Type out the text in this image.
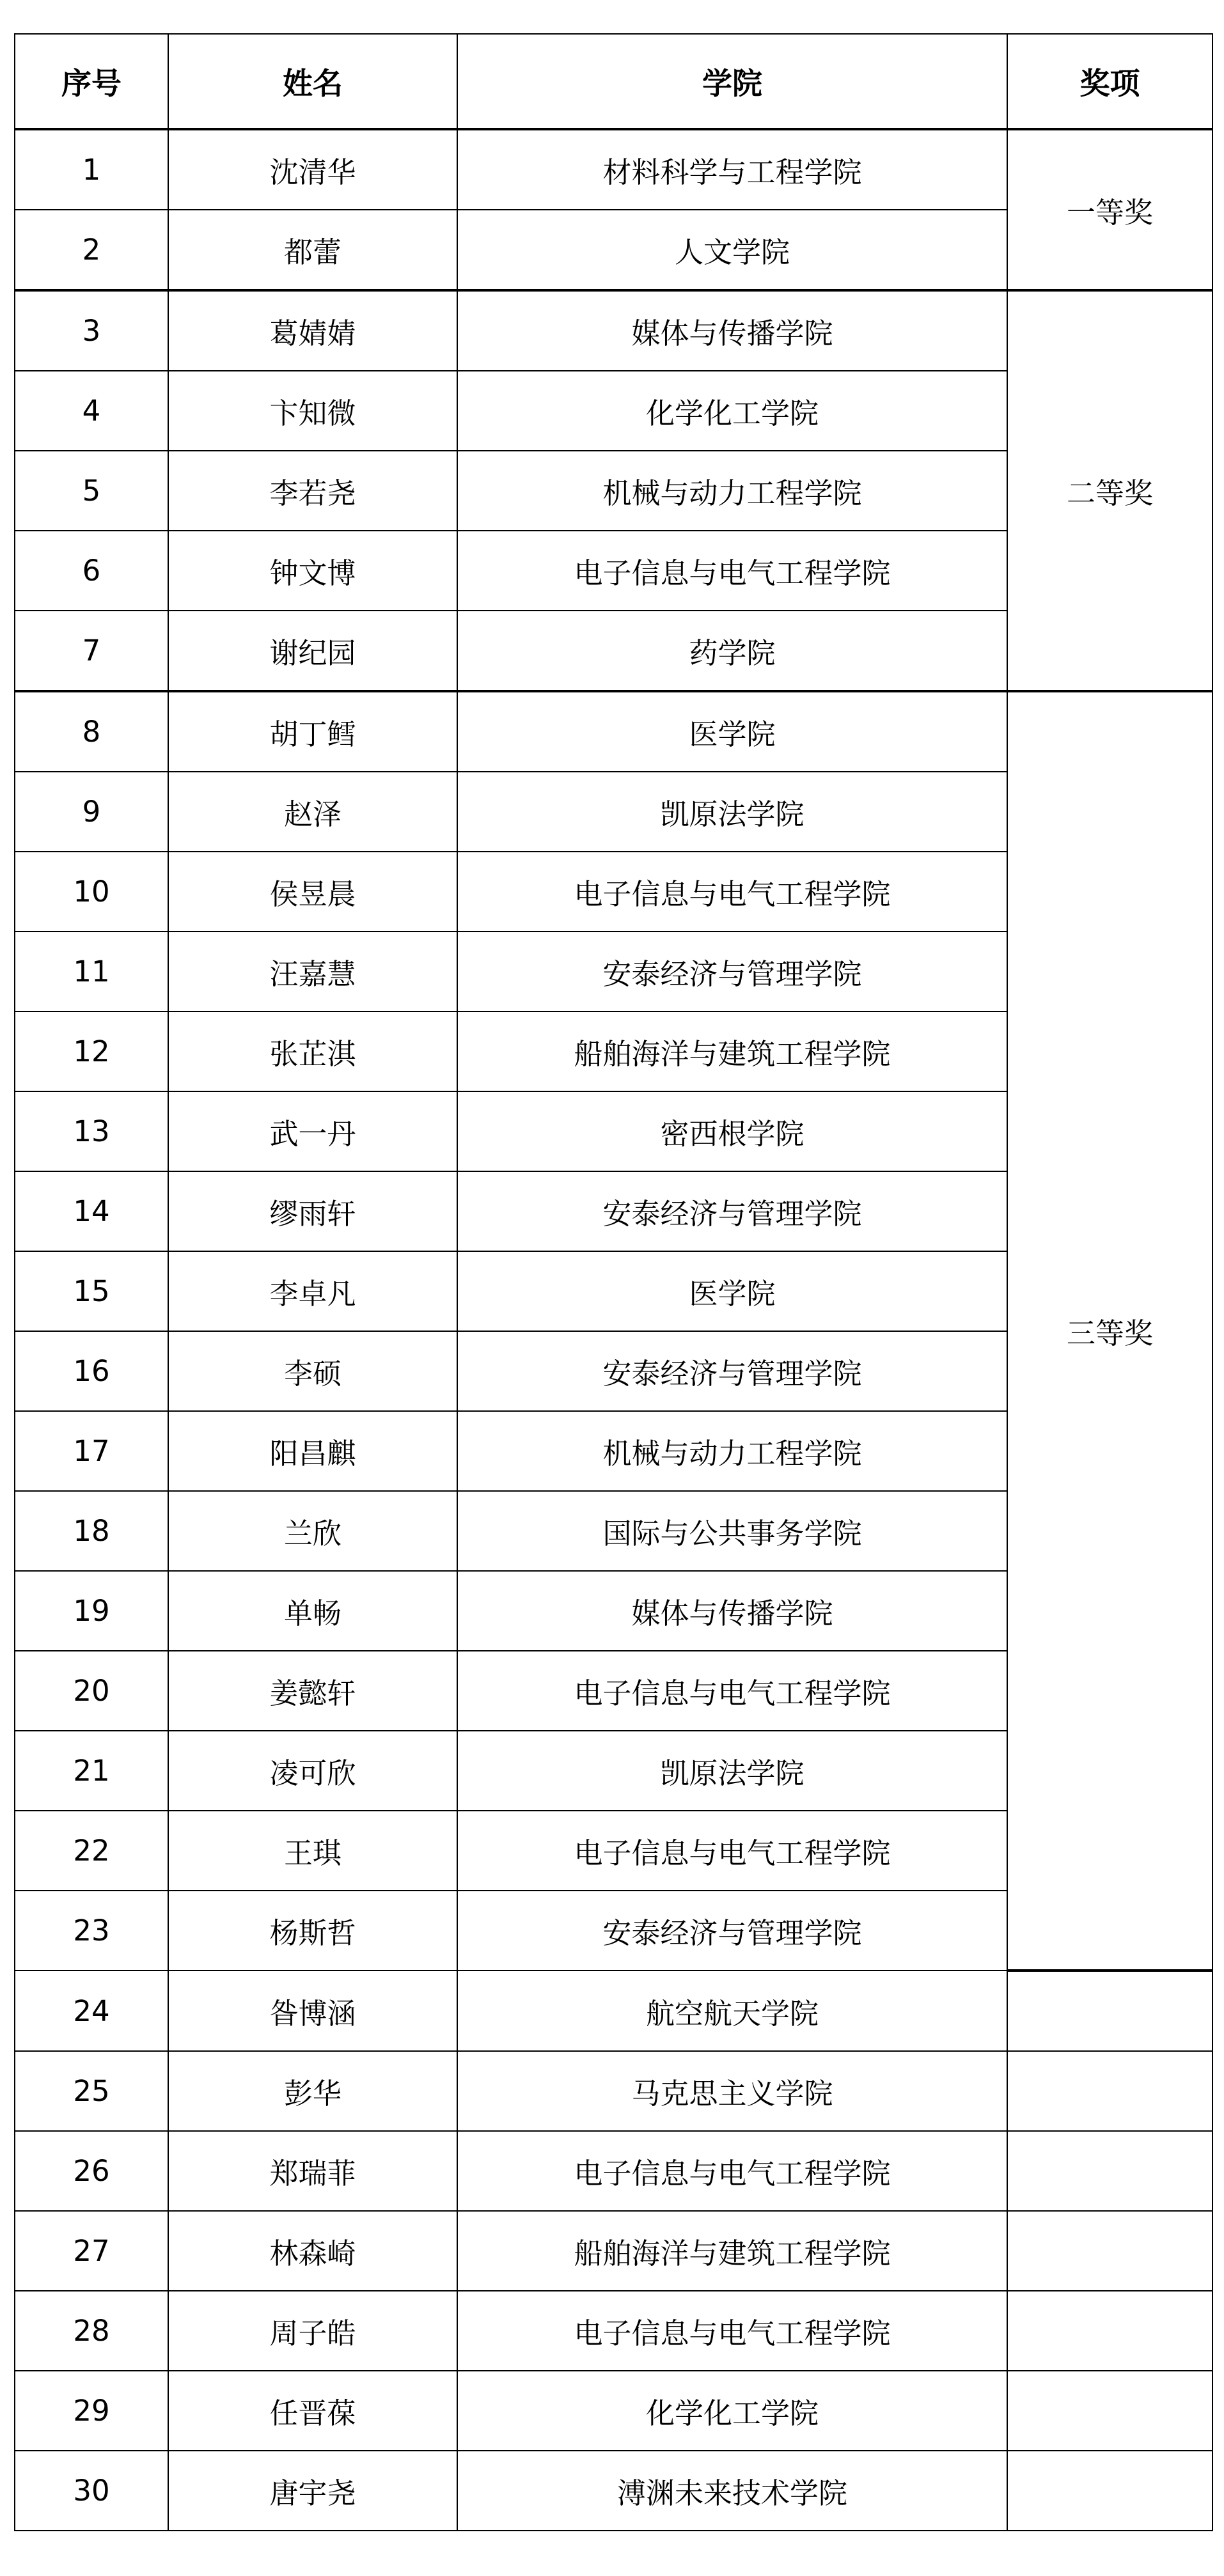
序号	姓名	学院	奖项
1	沈清华	材料科学与工程学院	一等奖
2	都蕾	人文学院	
3	葛婧婧	媒体与传播学院	二等奖
4	卞知微	化学化工学院	
5	李若尧	机械与动力工程学院	
6	钟文博	电子信息与电气工程学院	
7	谢纪园	药学院	
8	胡丁鳕	医学院	三等奖
9	赵泽	凯原法学院	
10	侯昱晨	电子信息与电气工程学院	
11	汪嘉慧	安泰经济与管理学院	
12	张芷淇	船舶海洋与建筑工程学院	
13	武一丹	密西根学院	
14	缪雨轩	安泰经济与管理学院	
15	李卓凡	医学院	
16	李硕	安泰经济与管理学院	
17	阳昌麒	机械与动力工程学院	
18	兰欣	国际与公共事务学院	
19	单畅	媒体与传播学院	
20	姜懿轩	电子信息与电气工程学院	
21	凌可欣	凯原法学院	
22	王琪	电子信息与电气工程学院	
23	杨斯哲	安泰经济与管理学院	
24	昝博涵	航空航天学院	
25	彭华	马克思主义学院	
26	郑瑞菲	电子信息与电气工程学院	
27	林森崎	船舶海洋与建筑工程学院	
28	周子皓	电子信息与电气工程学院	
29	任晋葆	化学化工学院	
30	唐宇尧	溥渊未来技术学院	
